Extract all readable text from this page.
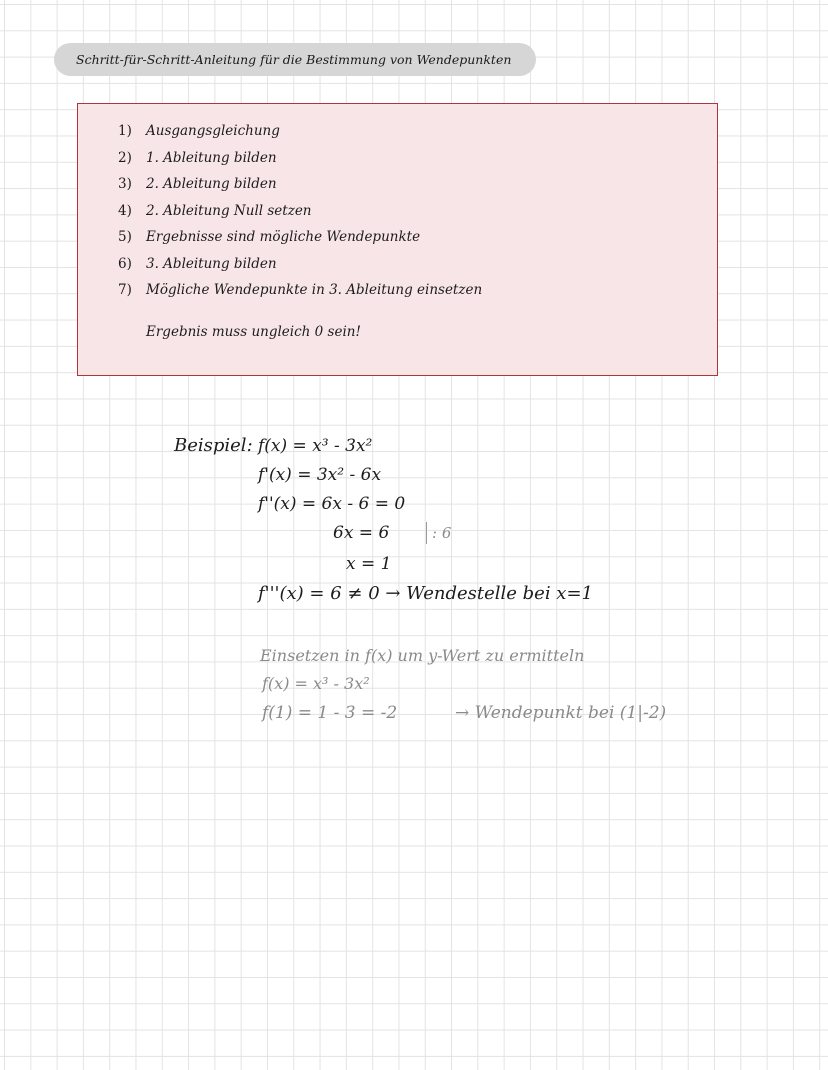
Schritt-für-Schritt-Anleitung für die Bestimmung von Wendepunkten
1) Ausgangsgleichung
2) 1. Ableitung bilden
3) 2. Ableitung bilden
4) 2. Ableitung Null setzen
5) Ergebnisse sind mögliche Wendepunkte
6) 3. Ableitung bilden
7) Mögliche Wendepunkte in 3. Ableitung einsetzen
Ergebnis muss ungleich 0 sein!
Beispiel: f(x) = x³ - 3x²
f'(x) = 3x² - 6x
f''(x) = 6x - 6 = 0
6x = 6	: 6
x = 1
f'''(x) = 6 ≠ 0 → Wendestelle bei x=1
Einsetzen in f(x) um y-Wert zu ermitteln
f(x) = x³ - 3x²
f(1) = 1 - 3 = -2	→ Wendepunkt bei (1|-2)
